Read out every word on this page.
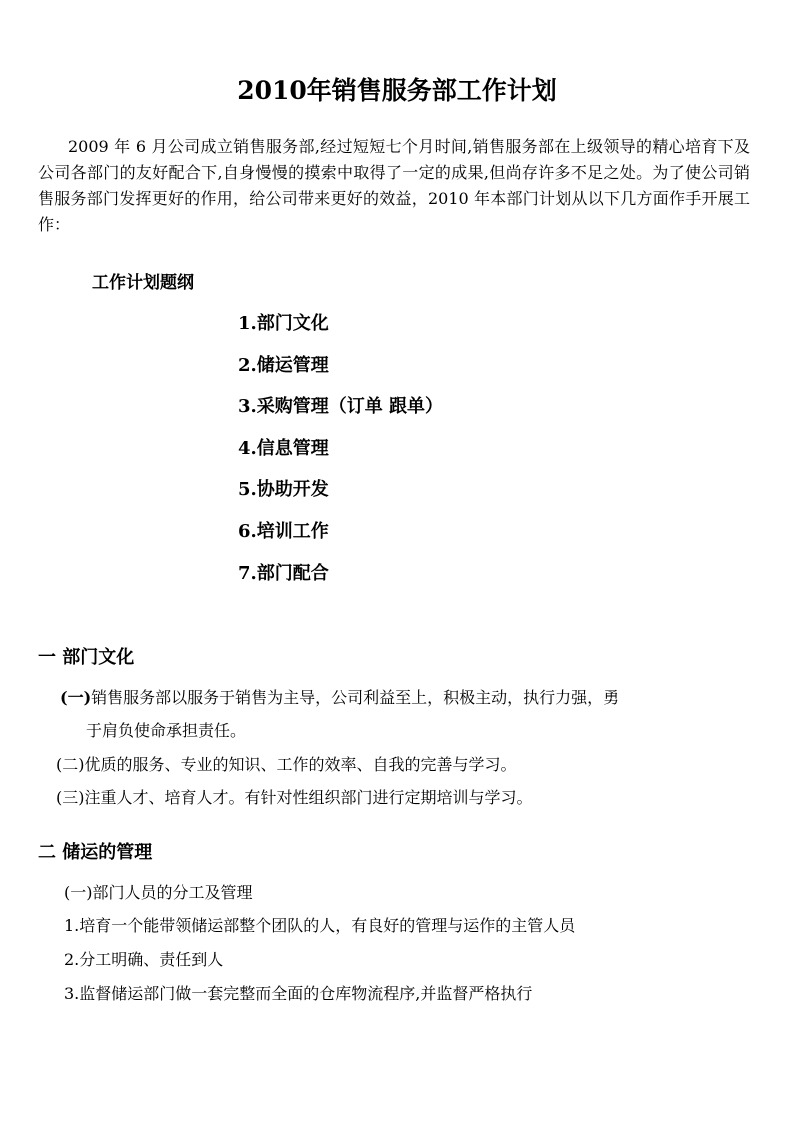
2010年销售服务部工作计划

2009 年 6 月公司成立销售服务部,经过短短七个月时间,销售服务部在上级领导的精心培育下及公司各部门的友好配合下,自身慢慢的摸索中取得了一定的成果,但尚存许多不足之处。为了使公司销售服务部门发挥更好的作用，给公司带来更好的效益，2010 年本部门计划从以下几方面作手开展工作：

工作计划题纲
1.部门文化
2.储运管理
3.采购管理（订单 跟单）
4.信息管理
5.协助开发
6.培训工作
7.部门配合
一 部门文化
(一)销售服务部以服务于销售为主导，公司利益至上，积极主动，执行力强，勇
于肩负使命承担责任。
(二)优质的服务、专业的知识、工作的效率、自我的完善与学习。
(三)注重人才、培育人才。有针对性组织部门进行定期培训与学习。
二 储运的管理
(一)部门人员的分工及管理
1.培育一个能带领储运部整个团队的人，有良好的管理与运作的主管人员
2.分工明确、责任到人
3.监督储运部门做一套完整而全面的仓库物流程序,并监督严格执行
